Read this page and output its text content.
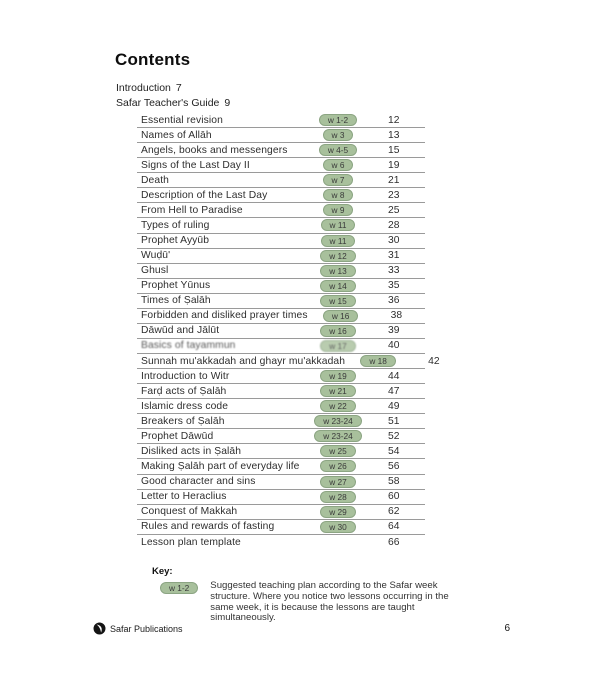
Contents
Introduction 7
Safar Teacher's Guide 9
Essential revision	w 1-2	12
Names of Allāh	w 3	13
Angels, books and messengers	w 4-5	15
Signs of the Last Day II	w 6	19
Death	w 7	21
Description of the Last Day	w 8	23
From Hell to Paradise	w 9	25
Types of ruling	w 11	28
Prophet Ayyūb	w 11	30
Wuḍū'	w 12	31
Ghusl	w 13	33
Prophet Yūnus	w 14	35
Times of Ṣalāh	w 15	36
Forbidden and disliked prayer times	w 16	38
Dāwūd and Jālūt	w 16	39
Basics of tayammun	w 17	40
Sunnah mu'akkadah and ghayr mu'akkadah	w 18	42
Introduction to Witr	w 19	44
Farḍ acts of Ṣalāh	w 21	47
Islamic dress code	w 22	49
Breakers of Ṣalāh	w 23-24	51
Prophet Dāwūd	w 23-24	52
Disliked acts in Ṣalāh	w 25	54
Making Ṣalāh part of everyday life	w 26	56
Good character and sins	w 27	58
Letter to Heraclius	w 28	60
Conquest of Makkah	w 29	62
Rules and rewards of fasting	w 30	64
Lesson plan template	66
Key:
w 1-2	Suggested teaching plan according to the Safar week structure. Where you notice two lessons occurring in the same week, it is because the lessons are taught simultaneously.

Safar Publications	6
